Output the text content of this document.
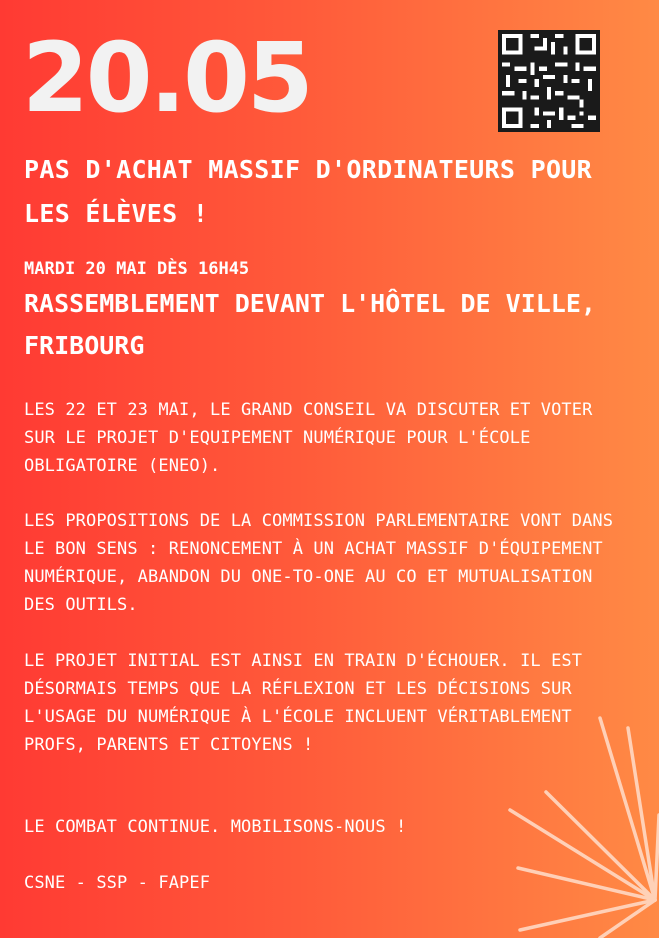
20.05
PAS D'ACHAT MASSIF D'ORDINATEURS POUR LES ÉLÈVES !
MARDI 20 MAI DÈS 16H45
RASSEMBLEMENT DEVANT L'HÔTEL DE VILLE, FRIBOURG
LES 22 ET 23 MAI, LE GRAND CONSEIL VA DISCUTER ET VOTER SUR LE PROJET D'EQUIPEMENT NUMÉRIQUE POUR L'ÉCOLE OBLIGATOIRE (ENEO).
LES PROPOSITIONS DE LA COMMISSION PARLEMENTAIRE VONT DANS LE BON SENS : RENONCEMENT À UN ACHAT MASSIF D'ÉQUIPEMENT NUMÉRIQUE, ABANDON DU ONE-TO-ONE AU CO ET MUTUALISATION DES OUTILS.
LE PROJET INITIAL EST AINSI EN TRAIN D'ÉCHOUER. IL EST DÉSORMAIS TEMPS QUE LA RÉFLEXION ET LES DÉCISIONS SUR L'USAGE DU NUMÉRIQUE À L'ÉCOLE INCLUENT VÉRITABLEMENT PROFS, PARENTS ET CITOYENS !
LE COMBAT CONTINUE. MOBILISONS-NOUS !
CSNE - SSP - FAPEF
